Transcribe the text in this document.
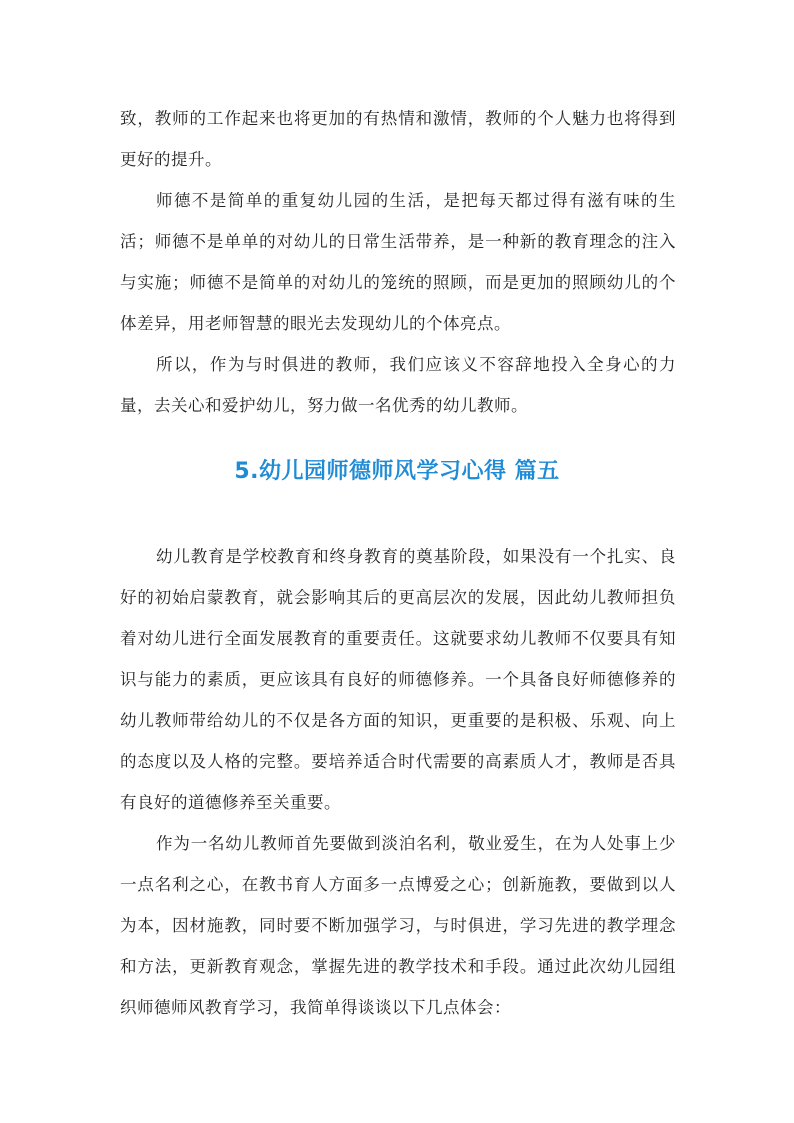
致，教师的工作起来也将更加的有热情和激情，教师的个人魅力也将得到更好的提升。

师德不是简单的重复幼儿园的生活，是把每天都过得有滋有味的生活；师德不是单单的对幼儿的日常生活带养，是一种新的教育理念的注入与实施；师德不是简单的对幼儿的笼统的照顾，而是更加的照顾幼儿的个体差异，用老师智慧的眼光去发现幼儿的个体亮点。

所以，作为与时俱进的教师，我们应该义不容辞地投入全身心的力量，去关心和爱护幼儿，努力做一名优秀的幼儿教师。

5.幼儿园师德师风学习心得 篇五

幼儿教育是学校教育和终身教育的奠基阶段，如果没有一个扎实、良好的初始启蒙教育，就会影响其后的更高层次的发展，因此幼儿教师担负着对幼儿进行全面发展教育的重要责任。这就要求幼儿教师不仅要具有知识与能力的素质，更应该具有良好的师德修养。一个具备良好师德修养的幼儿教师带给幼儿的不仅是各方面的知识，更重要的是积极、乐观、向上的态度以及人格的完整。要培养适合时代需要的高素质人才，教师是否具有良好的道德修养至关重要。

作为一名幼儿教师首先要做到淡泊名利，敬业爱生，在为人处事上少一点名利之心，在教书育人方面多一点博爱之心；创新施教，要做到以人为本，因材施教，同时要不断加强学习，与时俱进，学习先进的教学理念和方法，更新教育观念，掌握先进的教学技术和手段。通过此次幼儿园组织师德师风教育学习，我简单得谈谈以下几点体会：
